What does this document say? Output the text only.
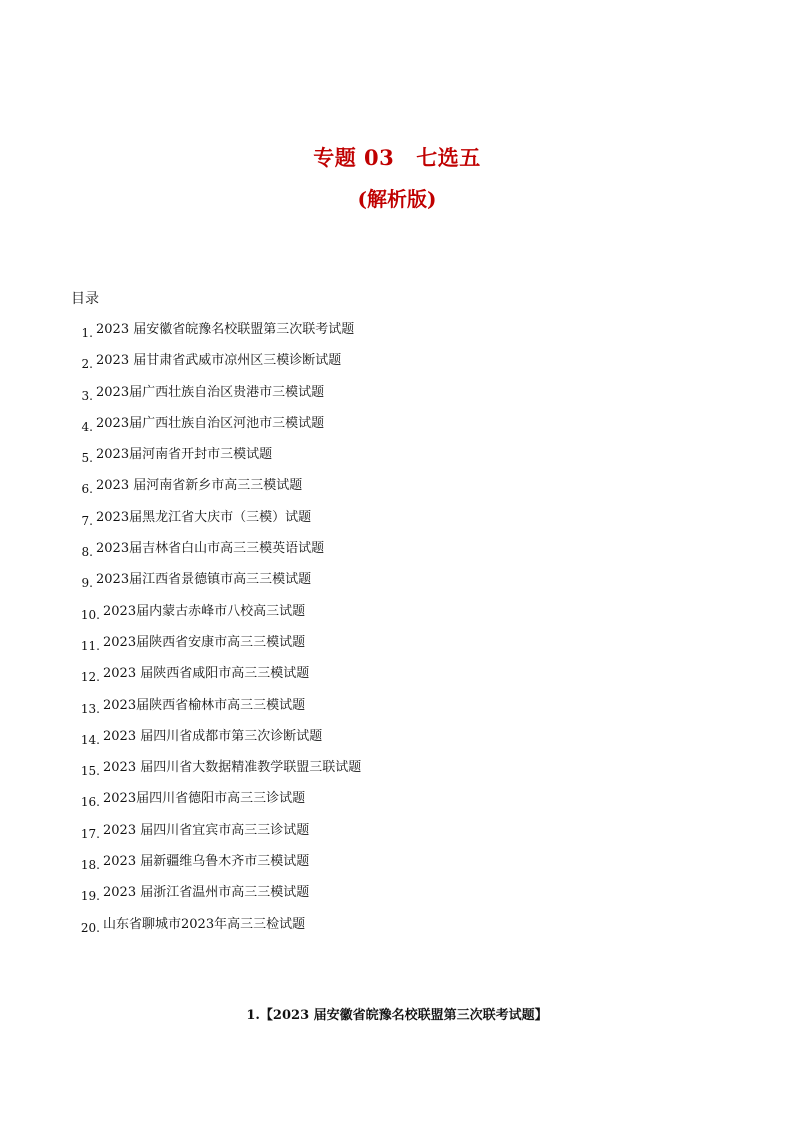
专题 03 七选五
(解析版)
目录
1. 2023 届安徽省皖豫名校联盟第三次联考试题
2. 2023 届甘肃省武威市凉州区三模诊断试题
3. 2023届广西壮族自治区贵港市三模试题
4. 2023届广西壮族自治区河池市三模试题
5. 2023届河南省开封市三模试题
6. 2023 届河南省新乡市高三三模试题
7. 2023届黑龙江省大庆市（三模）试题
8. 2023届吉林省白山市高三三模英语试题
9. 2023届江西省景德镇市高三三模试题
10. 2023届内蒙古赤峰市八校高三试题
11. 2023届陕西省安康市高三三模试题
12. 2023 届陕西省咸阳市高三三模试题
13. 2023届陕西省榆林市高三三模试题
14. 2023 届四川省成都市第三次诊断试题
15. 2023 届四川省大数据精准教学联盟三联试题
16. 2023届四川省德阳市高三三诊试题
17. 2023 届四川省宜宾市高三三诊试题
18. 2023 届新疆维乌鲁木齐市三模试题
19. 2023 届浙江省温州市高三三模试题
20. 山东省聊城市2023年高三三检试题
1.【2023 届安徽省皖豫名校联盟第三次联考试题】
